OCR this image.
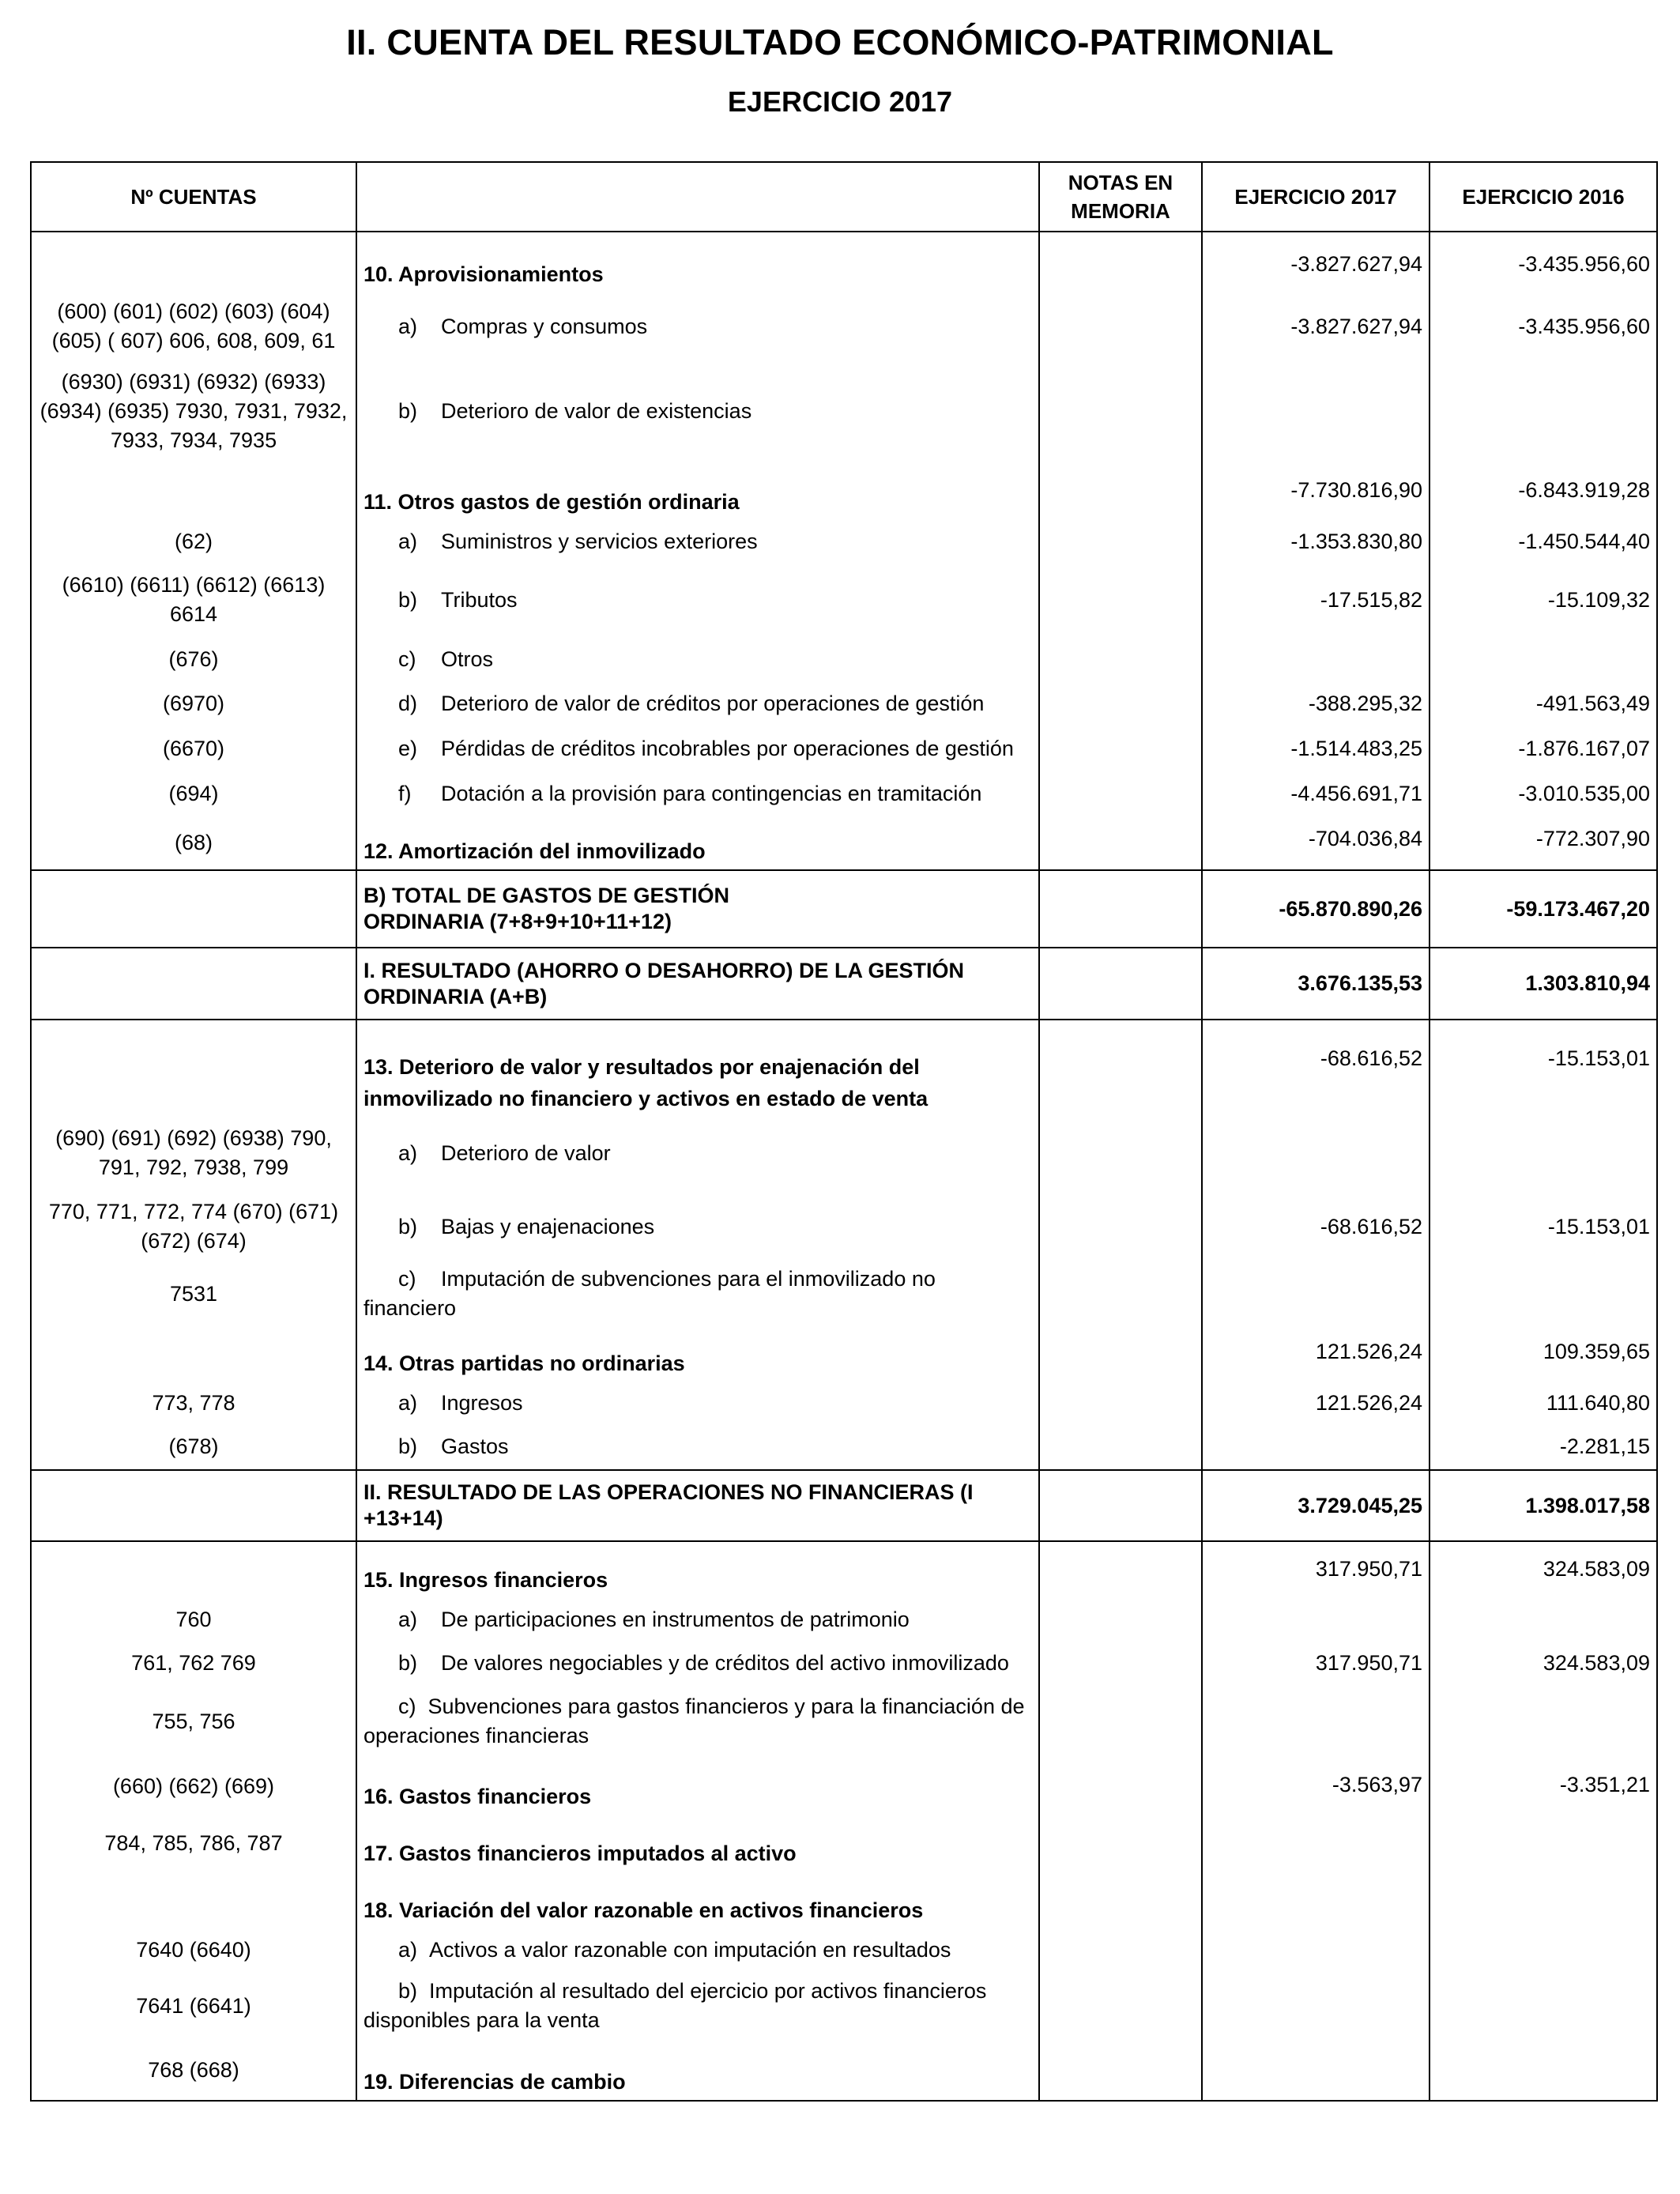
II. CUENTA DEL RESULTADO ECONÓMICO-PATRIMONIAL
EJERCICIO 2017
Nº CUENTAS		NOTAS EN MEMORIA	EJERCICIO 2017	EJERCICIO 2016
	10. Aprovisionamientos		-3.827.627,94	-3.435.956,60
(600) (601) (602) (603) (604) (605) ( 607) 606, 608, 609, 61	a) Compras y consumos		-3.827.627,94	-3.435.956,60
(6930) (6931) (6932) (6933) (6934) (6935) 7930, 7931, 7932, 7933, 7934, 7935	b) Deterioro de valor de existencias			
	11. Otros gastos de gestión ordinaria		-7.730.816,90	-6.843.919,28
(62)	a) Suministros y servicios exteriores		-1.353.830,80	-1.450.544,40
(6610) (6611) (6612) (6613) 6614	b) Tributos		-17.515,82	-15.109,32
(676)	c) Otros			
(6970)	d) Deterioro de valor de créditos por operaciones de gestión		-388.295,32	-491.563,49
(6670)	e) Pérdidas de créditos incobrables por operaciones de gestión		-1.514.483,25	-1.876.167,07
(694)	f) Dotación a la provisión para contingencias en tramitación		-4.456.691,71	-3.010.535,00
(68)	12. Amortización del inmovilizado		-704.036,84	-772.307,90
	B) TOTAL DE GASTOS DE GESTIÓN ORDINARIA (7+8+9+10+11+12)		-65.870.890,26	-59.173.467,20
	I. RESULTADO (AHORRO O DESAHORRO) DE LA GESTIÓN ORDINARIA (A+B)		3.676.135,53	1.303.810,94
	13. Deterioro de valor y resultados por enajenación del inmovilizado no financiero y activos en estado de venta		-68.616,52	-15.153,01
(690) (691) (692) (6938) 790, 791, 792, 7938, 799	a) Deterioro de valor			
770, 771, 772, 774 (670) (671) (672) (674)	b) Bajas y enajenaciones		-68.616,52	-15.153,01
7531	c) Imputación de subvenciones para el inmovilizado no financiero			
	14. Otras partidas no ordinarias		121.526,24	109.359,65
773, 778	a) Ingresos		121.526,24	111.640,80
(678)	b) Gastos			-2.281,15
	II. RESULTADO DE LAS OPERACIONES NO FINANCIERAS (I +13+14)		3.729.045,25	1.398.017,58
	15. Ingresos financieros		317.950,71	324.583,09
760	a) De participaciones en instrumentos de patrimonio			
761, 762 769	b) De valores negociables y de créditos del activo inmovilizado		317.950,71	324.583,09
755, 756	c) Subvenciones para gastos financieros y para la financiación de operaciones financieras			
(660) (662) (669)	16. Gastos financieros		-3.563,97	-3.351,21
784, 785, 786, 787	17. Gastos financieros imputados al activo			
	18. Variación del valor razonable en activos financieros			
7640 (6640)	a) Activos a valor razonable con imputación en resultados			
7641 (6641)	b) Imputación al resultado del ejercicio por activos financieros disponibles para la venta			
768 (668)	19. Diferencias de cambio			
